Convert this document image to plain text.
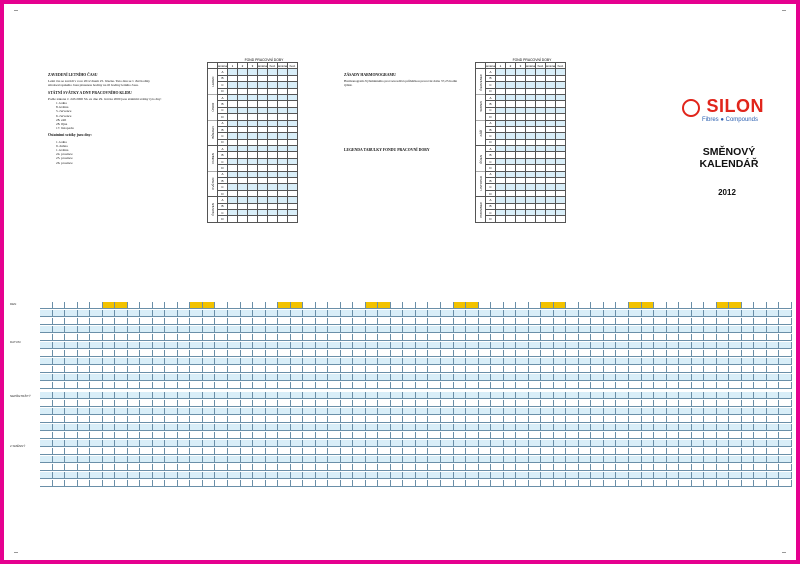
ZAVEDENÍ LETNÍHO ČASU
Letní čas se zavádí v roce 2012 dnem 25. března. Tuto dnu se v dvě hodiny středoevropského času přesunou hodiny na tři hodiny letního času.
STÁTNÍ SVÁTKY A DNY PRACOVNÍHO KLIDU
Podle zákona č. 245/2000 Sb. ze dne 29. června 2000 jsou státními svátky tyto dny:
1. ledna
8. května
5. července
6. července
28. září
28. října
17. listopadu
Ostatními svátky jsou dny:
1. ledna
9. dubna
1. května
24. prosince
25. prosince
26. prosince
FOND PRACOVNÍ DOBY
	směna	1	2	3	směna	hod.	směna	hod.
LEDEN	A							
	B							
	C							
	D							
ÚNOR	A							
	B							
	C							
	D							
BŘEZEN	A							
	B							
	C							
	D							
DUBEN	A							
	B							
	C							
	D							
KVĚTEN	A							
	B							
	C							
	D							
ČERVEN	A							
	B							
	C							
	D							
ZÁSADY HARMONOGRAMU
Harmonogram čtyřsměnného provozu udává průběžnou pracovní dobu 37,25 hodin týdně.
LEGENDA TABULKY FONDU PRACOVNÍ DOBY
FOND PRACOVNÍ DOBY
	směna	1	2	3	směna	hod.	směna	hod.
ČERVENEC	A							
	B							
	C							
	D							
SRPEN	A							
	B							
	C							
	D							
ZÁŘÍ	A							
	B							
	C							
	D							
ŘÍJEN	A							
	B							
	C							
	D							
LISTOPAD	A							
	B							
	C							
	D							
PROSINEC	A							
	B							
	C							
	D							
SILON
Fibres ● Compounds
SMĚNOVÝ
KALENDÁŘ
2012
DEN
DATUM
NEPŘETRŽITÝ
2 SMĚNNÝ
